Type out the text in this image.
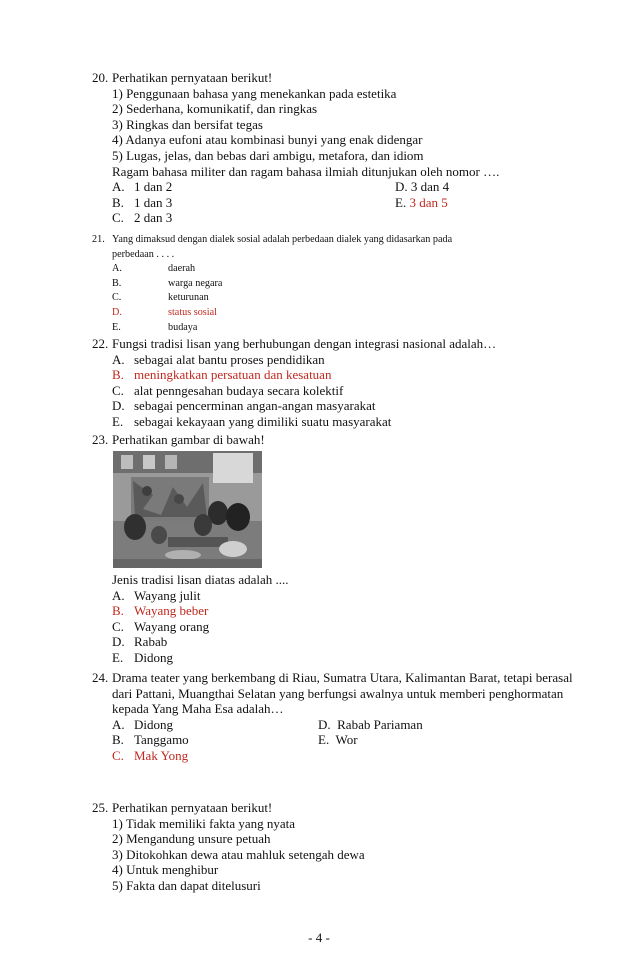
20. Perhatikan pernyataan berikut!
1) Penggunaan bahasa yang menekankan pada estetika
2) Sederhana, komunikatif, dan ringkas
3) Ringkas dan bersifat tegas
4) Adanya eufoni atau kombinasi bunyi yang enak didengar
5) Lugas, jelas, dan bebas dari ambigu, metafora, dan idiom
Ragam bahasa militer dan ragam bahasa ilmiah ditunjukan oleh nomor ….
A. 1 dan 2	D. 3 dan 4
B. 1 dan 3	E. 3 dan 5
C. 2 dan 3
21. Yang dimaksud dengan dialek sosial adalah perbedaan dialek yang didasarkan pada
perbedaan . . . .
A.	daerah
B.	warga negara
C.	keturunan
D.	status sosial
E.	budaya
22. Fungsi tradisi lisan yang berhubungan dengan integrasi nasional adalah…
A. sebagai alat bantu proses pendidikan
B. meningkatkan persatuan dan kesatuan
C. alat penngesahan budaya secara kolektif
D. sebagai pencerminan angan-angan masyarakat
E. sebagai kekayaan yang dimiliki suatu masyarakat
23. Perhatikan gambar di bawah!
Jenis tradisi lisan diatas adalah ....
A. Wayang julit
B. Wayang beber
C. Wayang orang
D. Rabab
E. Didong
24. Drama teater yang berkembang di Riau, Sumatra Utara, Kalimantan Barat, tetapi berasal
dari Pattani, Muangthai Selatan yang berfungsi awalnya untuk memberi penghormatan
kepada Yang Maha Esa adalah…
A. Didong	D.  Rabab Pariaman
B. Tanggamo	E.  Wor
C. Mak Yong
25. Perhatikan pernyataan berikut!
1) Tidak memiliki fakta yang nyata
2) Mengandung unsure petuah
3) Ditokohkan dewa atau mahluk setengah dewa
4) Untuk menghibur
5) Fakta dan dapat ditelusuri
- 4 -
